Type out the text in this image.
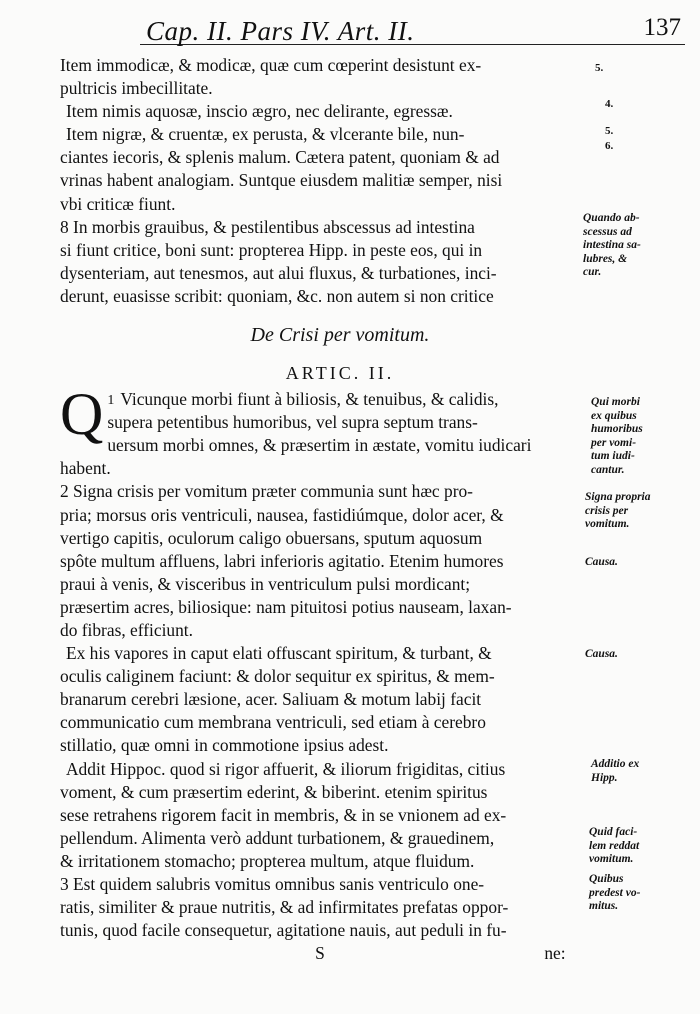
Cap. II. Pars IV. Art. II.	137
Item immodicæ, & modicæ, quæ cum cœperint desistunt ex-
pultricis imbecillitate.
Item nimis aquosæ, inscio ægro, nec delirante, egressæ.
Item nigræ, & cruentæ, ex perusta, & vlcerante bile, nun-
ciantes iecoris, & splenis malum. Cætera patent, quoniam & ad
vrinas habent analogiam. Suntque eiusdem malitiæ semper, nisi
vbi criticæ fiunt.
8 In morbis grauibus, & pestilentibus abscessus ad intestina
si fiunt critice, boni sunt: propterea Hipp. in peste eos, qui in
dysenteriam, aut tenesmos, aut alui fluxus, & turbationes, inci-
derunt, euasisse scribit: quoniam, &c. non autem si non critice
De Crisi per vomitum.
ARTIC. II.
1
Q Vicunque morbi fiunt à biliosis, & tenuibus, & calidis,
supera petentibus humoribus, vel supra septum trans-
uersum morbi omnes, & præsertim in æstate, vomitu iudicari
habent.
2 Signa crisis per vomitum præter communia sunt hæc pro-
pria; morsus oris ventriculi, nausea, fastidiúmque, dolor acer, &
vertigo capitis, oculorum caligo obuersans, sputum aquosum
spôte multum affluens, labri inferioris agitatio. Etenim humores
praui à venis, & visceribus in ventriculum pulsi mordicant;
præsertim acres, biliosique: nam pituitosi potius nauseam, laxan-
do fibras, efficiunt.
Ex his vapores in caput elati offuscant spiritum, & turbant, &
oculis caliginem faciunt: & dolor sequitur ex spiritus, & mem-
branarum cerebri læsione, acer. Saliuam & motum labij facit
communicatio cum membrana ventriculi, sed etiam à cerebro
stillatio, quæ omni in commotione ipsius adest.
Addit Hippoc. quod si rigor affuerit, & iliorum frigiditas, citius
voment, & cum præsertim ederint, & biberint. etenim spiritus
sese retrahens rigorem facit in membris, & in se vnionem ad ex-
pellendum. Alimenta verò addunt turbationem, & grauedinem,
& irritationem stomacho; propterea multum, atque fluidum.
3 Est quidem salubris vomitus omnibus sanis ventriculo one-
ratis, similiter & praue nutritis, & ad infirmitates prefatas oppor-
tunis, quod facile consequetur, agitatione nauis, aut peduli in fu-
S	ne:
5.
4.
5.
6.
Quando ab-
scessus ad
intestina sa-
lubres, &
cur.
Qui morbi
ex quibus
humoribus
per vomi-
tum iudi-
cantur.
Signa propria
crisis per
vomitum.
Causa.
Causa.
Additio ex
Hipp.
Quid faci-
lem reddat
vomitum.
Quibus
predest vo-
mitus.
